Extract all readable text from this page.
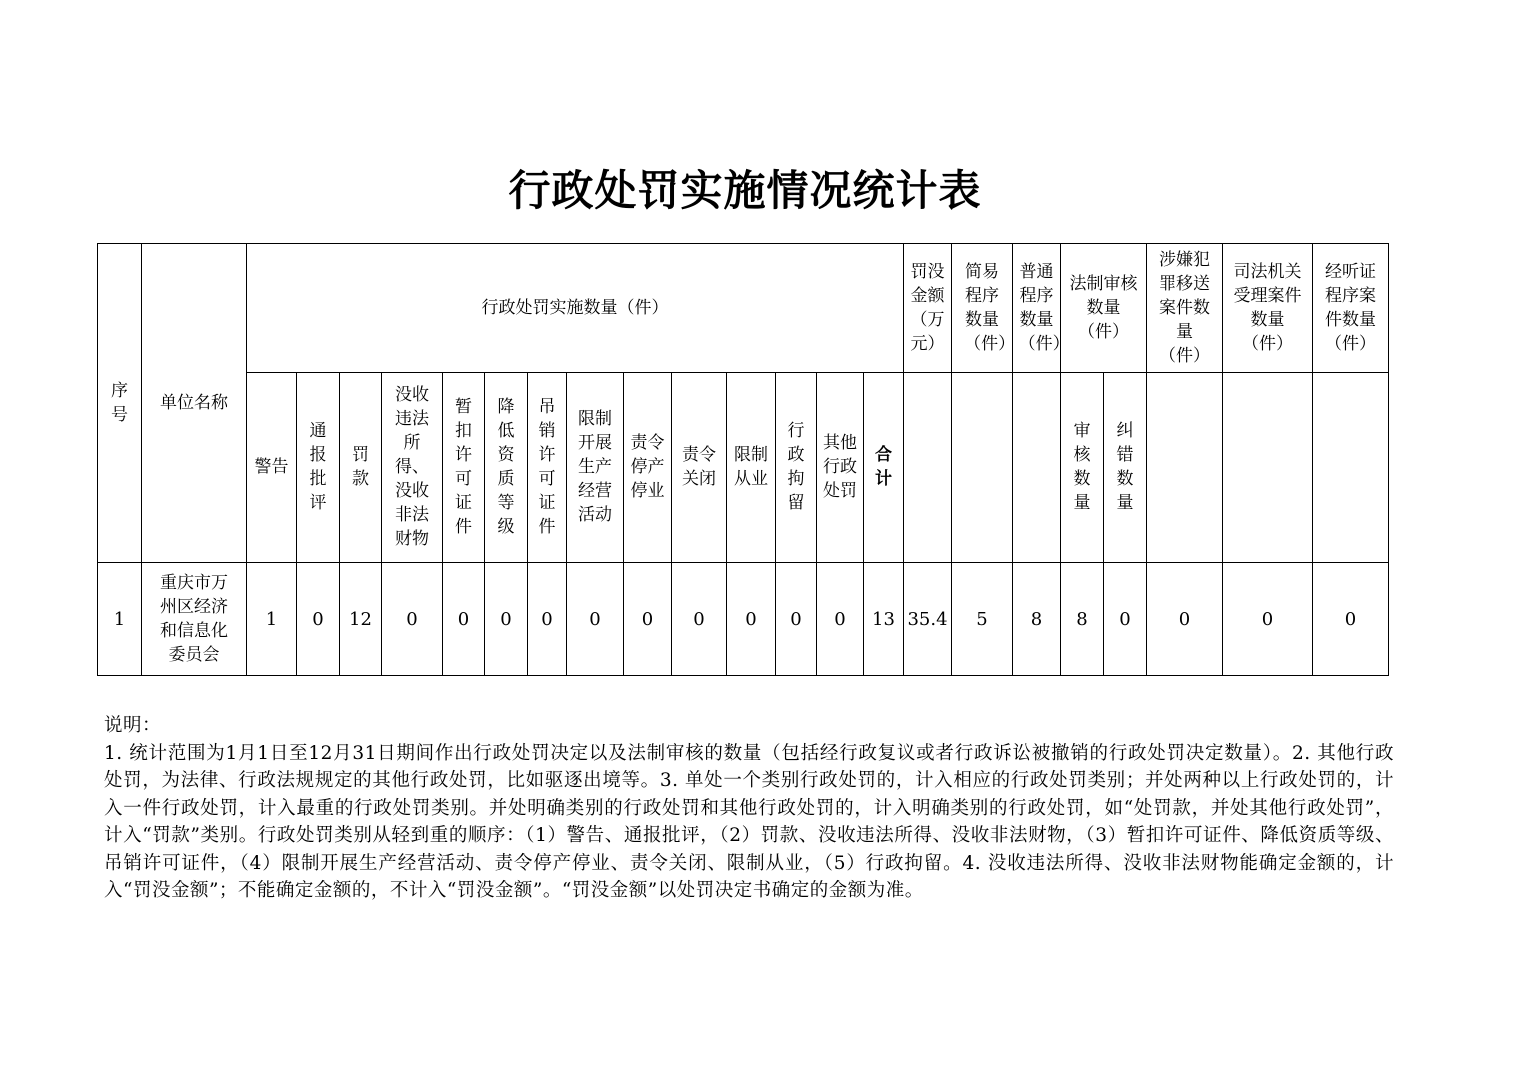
行政处罚实施情况统计表
序号	单位名称	行政处罚实施数量（件）														罚没金额（万元）	简易程序数量（件）	普通程序数量（件）	法制审核数量（件）		涉嫌犯罪移送案件数量（件）	司法机关受理案件数量（件）	经听证程序案件数量（件）
		警告	通报批评	罚款	没收违法所得、没收非法财物	暂扣许可证件	降低资质等级	吊销许可证件	限制开展生产经营活动	责令停产停业	责令关闭	限制从业	行政拘留	其他行政处罚	合计				审核数量	纠错数量			
1	重庆市万州区经济和信息化委员会	1	0	12	0	0	0	0	0	0	0	0	0	0	13	35.4	5	8	8	0	0	0	0
说明：
1. 统计范围为1月1日至12月31日期间作出行政处罚决定以及法制审核的数量（包括经行政复议或者行政诉讼被撤销的行政处罚决定数量）。2. 其他行政处罚，为法律、行政法规规定的其他行政处罚，比如驱逐出境等。3. 单处一个类别行政处罚的，计入相应的行政处罚类别；并处两种以上行政处罚的，计入一件行政处罚，计入最重的行政处罚类别。并处明确类别的行政处罚和其他行政处罚的，计入明确类别的行政处罚，如“处罚款，并处其他行政处罚”，计入“罚款”类别。行政处罚类别从轻到重的顺序：（1）警告、通报批评，（2）罚款、没收违法所得、没收非法财物，（3）暂扣许可证件、降低资质等级、吊销许可证件，（4）限制开展生产经营活动、责令停产停业、责令关闭、限制从业，（5）行政拘留。4. 没收违法所得、没收非法财物能确定金额的，计入“罚没金额”；不能确定金额的，不计入“罚没金额”。“罚没金额”以处罚决定书确定的金额为准。
